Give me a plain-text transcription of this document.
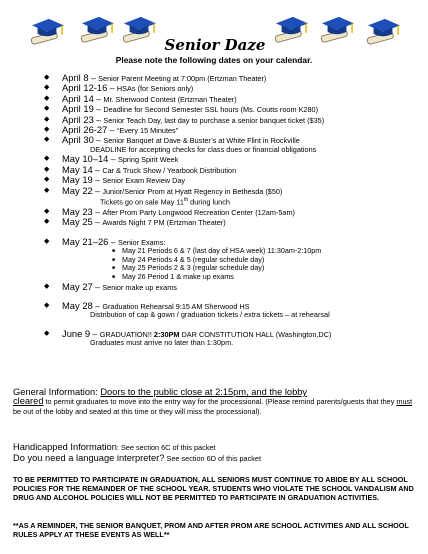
Senior Daze
Please note the following dates on your calendar.
◆ April 8 – Senior Parent Meeting at 7:00pm (Ertzman Theater)
◆ April 12-16 – HSAs (for Seniors only)
◆ April 14 – Mr. Sherwood Contest (Ertzman Theater)
◆ April 19 – Deadline for Second Semester SSL hours (Ms. Coutts room K280)
◆ April 23 – Senior Teach Day, last day to purchase a senior banquet ticket ($35)
◆ April 26-27 – “Every 15 Minutes”
◆ April 30 – Senior Banquet at Dave & Buster’s at White Flint in Rockville
DEADLINE for accepting checks for class dues or financial obligations
◆ May 10–14 – Spring Spirit Week
◆ May 14 – Car & Truck Show / Yearbook Distribution
◆ May 19 – Senior Exam Review Day
◆ May 22 – Junior/Senior Prom at Hyatt Regency in Bethesda ($50)
Tickets go on sale May 11th during lunch
◆ May 23 – After Prom Party Longwood Recreation Center (12am-5am)
◆ May 25 – Awards Night 7 PM (Ertzman Theater)
◆ May 21–26 – Senior Exams:
■ May 21 Periods 6 & 7 (last day of HSA week) 11:30am-2:10pm
■ May 24 Periods 4 & 5 (regular schedule day)
■ May 25 Periods 2 & 3 (regular schedule day)
■ May 26 Period 1 & make up exams
◆ May 27 – Senior make up exams
◆ May 28 – Graduation Rehearsal 9:15 AM Sherwood HS
Distribution of cap & gown / graduation tickets / extra tickets – at rehearsal
◆ June 9 – GRADUATION!! 2:30PM DAR CONSTITUTION HALL (Washington,DC)
Graduates must arrive no later than 1:30pm.
General Information: Doors to the public close at 2:15pm, and the lobby
cleared to permit graduates to move into the entry way for the processional. (Please remind parents/guests that they must be out of the lobby and seated at this time or they will miss the processional).
Handicapped Information: See section 6C of this packet
Do you need a language interpreter? See section 6D of this packet
TO BE PERMITTED TO PARTICIPATE IN GRADUATION, ALL SENIORS MUST CONTINUE TO ABIDE BY ALL SCHOOL POLICIES FOR THE REMAINDER OF THE SCHOOL YEAR. STUDENTS WHO VIOLATE THE SCHOOL VANDALISM AND DRUG AND ALCOHOL POLICIES WILL NOT BE PERMITTED TO PARTICIPATE IN GRADUATION ACTIVITIES.
**AS A REMINDER, THE SENIOR BANQUET, PROM AND AFTER PROM ARE SCHOOL ACTIVITIES AND ALL SCHOOL RULES APPLY AT THESE EVENTS AS WELL**
